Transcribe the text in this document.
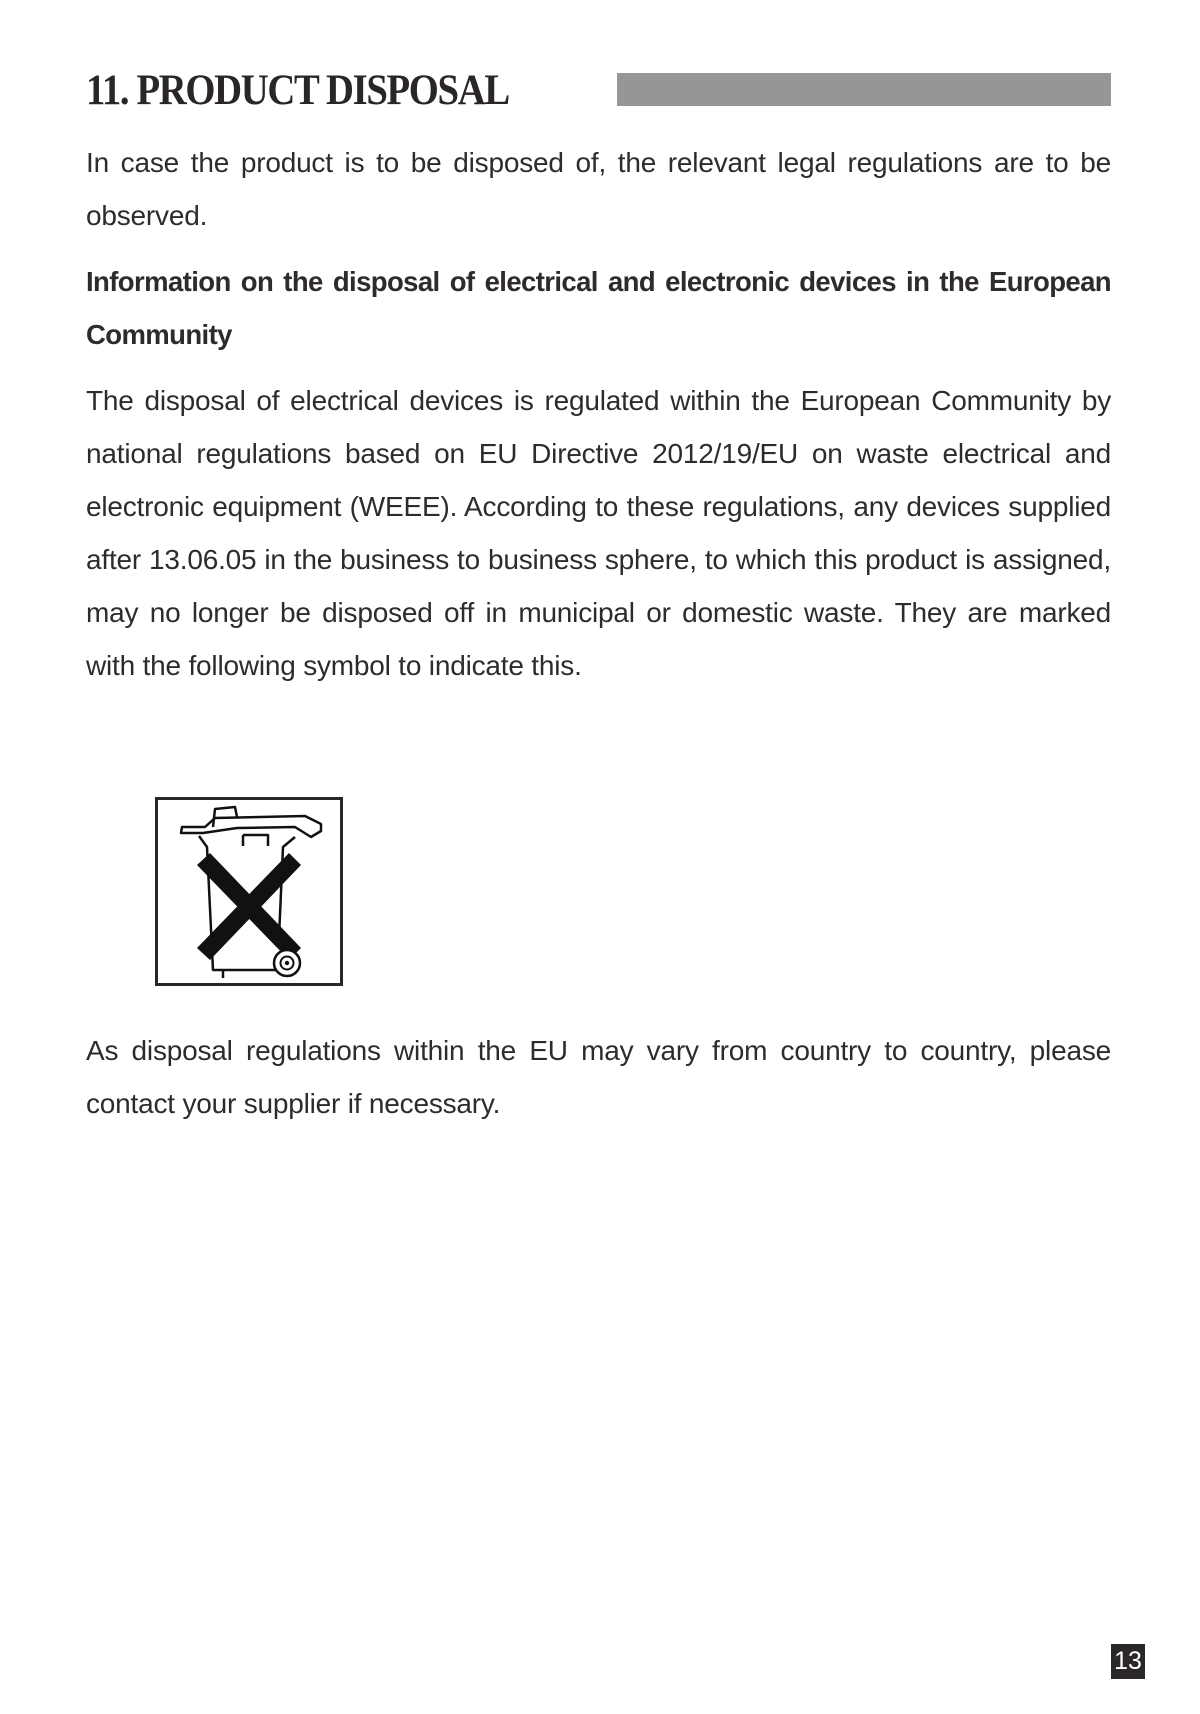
11. PRODUCT DISPOSAL

In case the product is to be disposed of, the relevant legal regulations are to be observed.

Information on the disposal of electrical and electronic devices in the European Community

The disposal of electrical devices is regulated within the European Community by national regulations based on EU Directive 2012/19/EU on waste electrical and electronic equipment (WEEE). According to these regulations, any devices supplied after 13.06.05 in the business to business sphere, to which this product is assigned, may no longer be disposed off in municipal or domestic waste. They are marked with the following symbol to indicate this.

As disposal regulations within the EU may vary from country to country, please contact your supplier if necessary.

13
